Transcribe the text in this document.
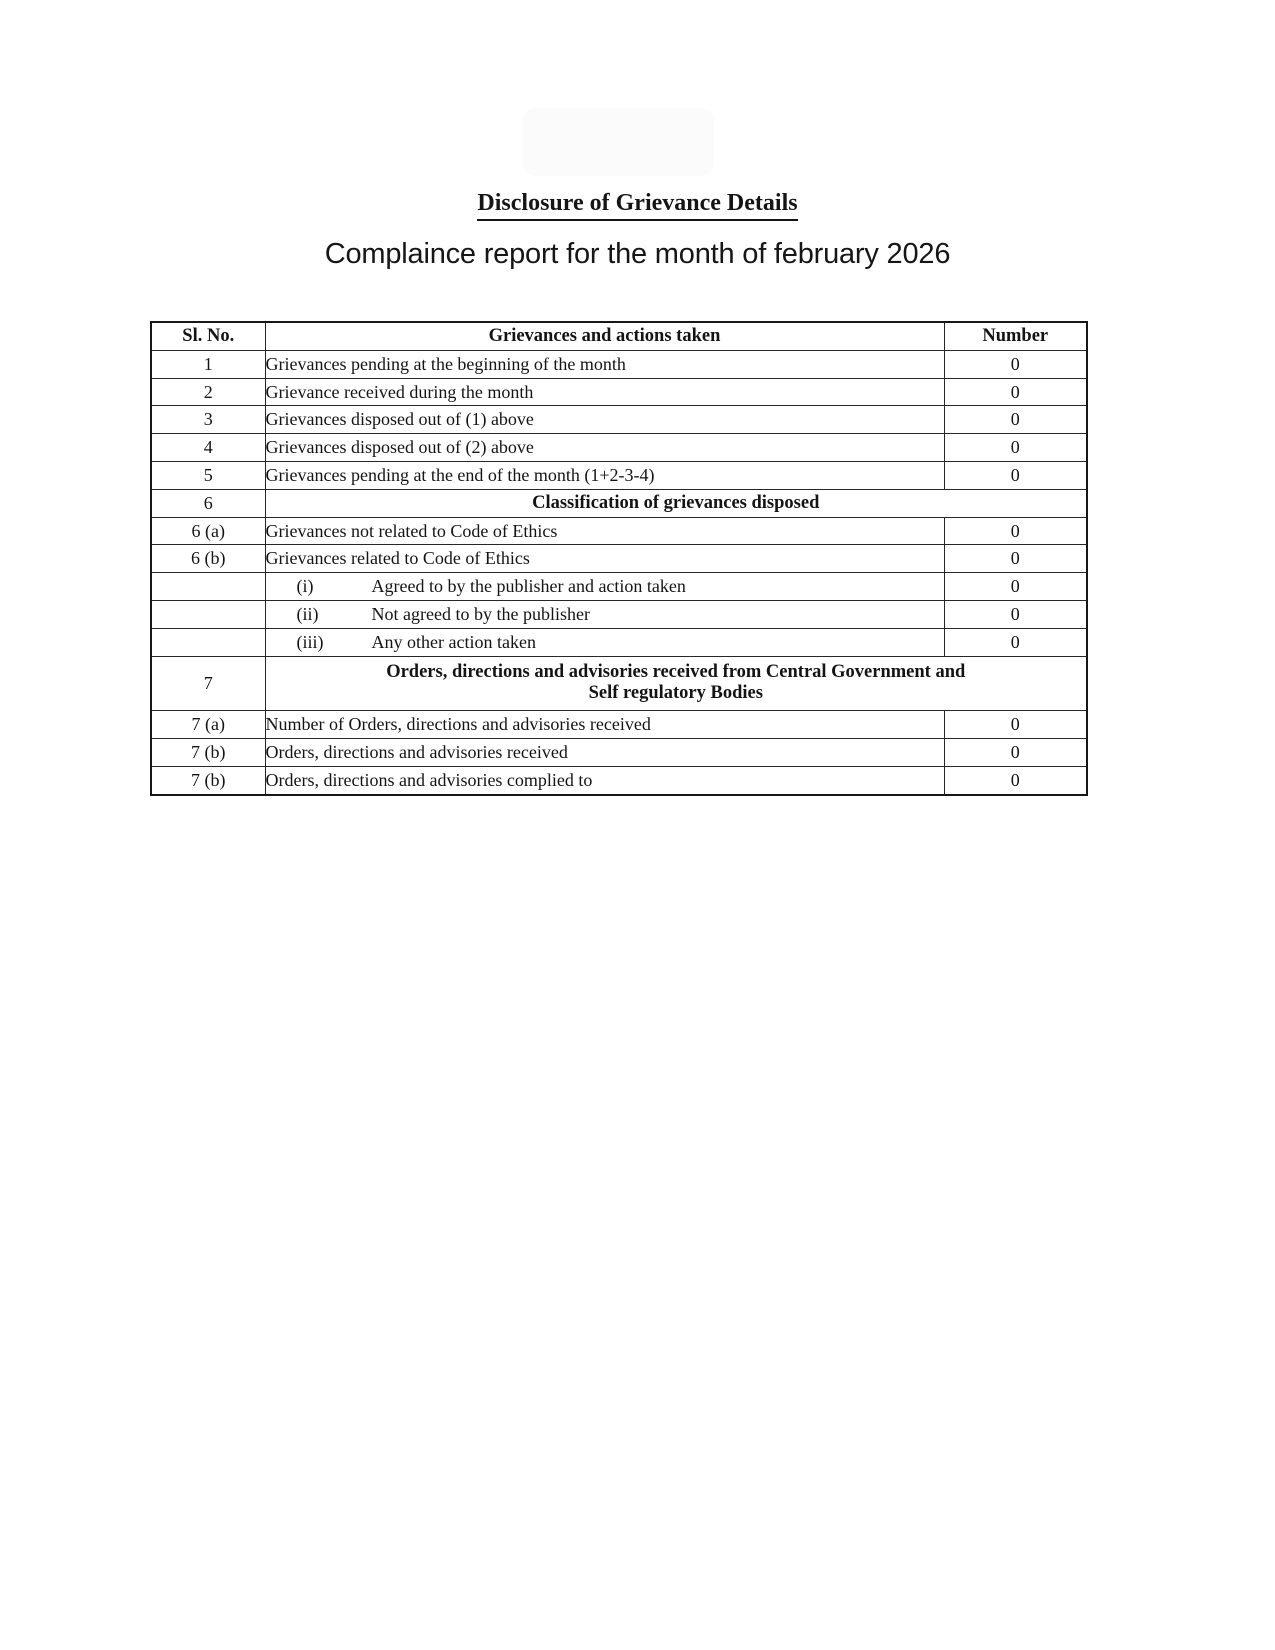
Disclosure of Grievance Details
Complaince report for the month of february 2026
Sl. No.	Grievances and actions taken	Number
1	Grievances pending at the beginning of the month	0
2	Grievance received during the month	0
3	Grievances disposed out of (1) above	0
4	Grievances disposed out of (2) above	0
5	Grievances pending at the end of the month (1+2-3-4)	0
6	Classification of grievances disposed	
6 (a)	Grievances not related to Code of Ethics	0
6 (b)	Grievances related to Code of Ethics	0
	(i) Agreed to by the publisher and action taken	0
	(ii) Not agreed to by the publisher	0
	(iii) Any other action taken	0
7	Orders, directions and advisories received from Central Government and
Self regulatory Bodies	
7 (a)	Number of Orders, directions and advisories received	0
7 (b)	Orders, directions and advisories received	0
7 (b)	Orders, directions and advisories complied to	0
